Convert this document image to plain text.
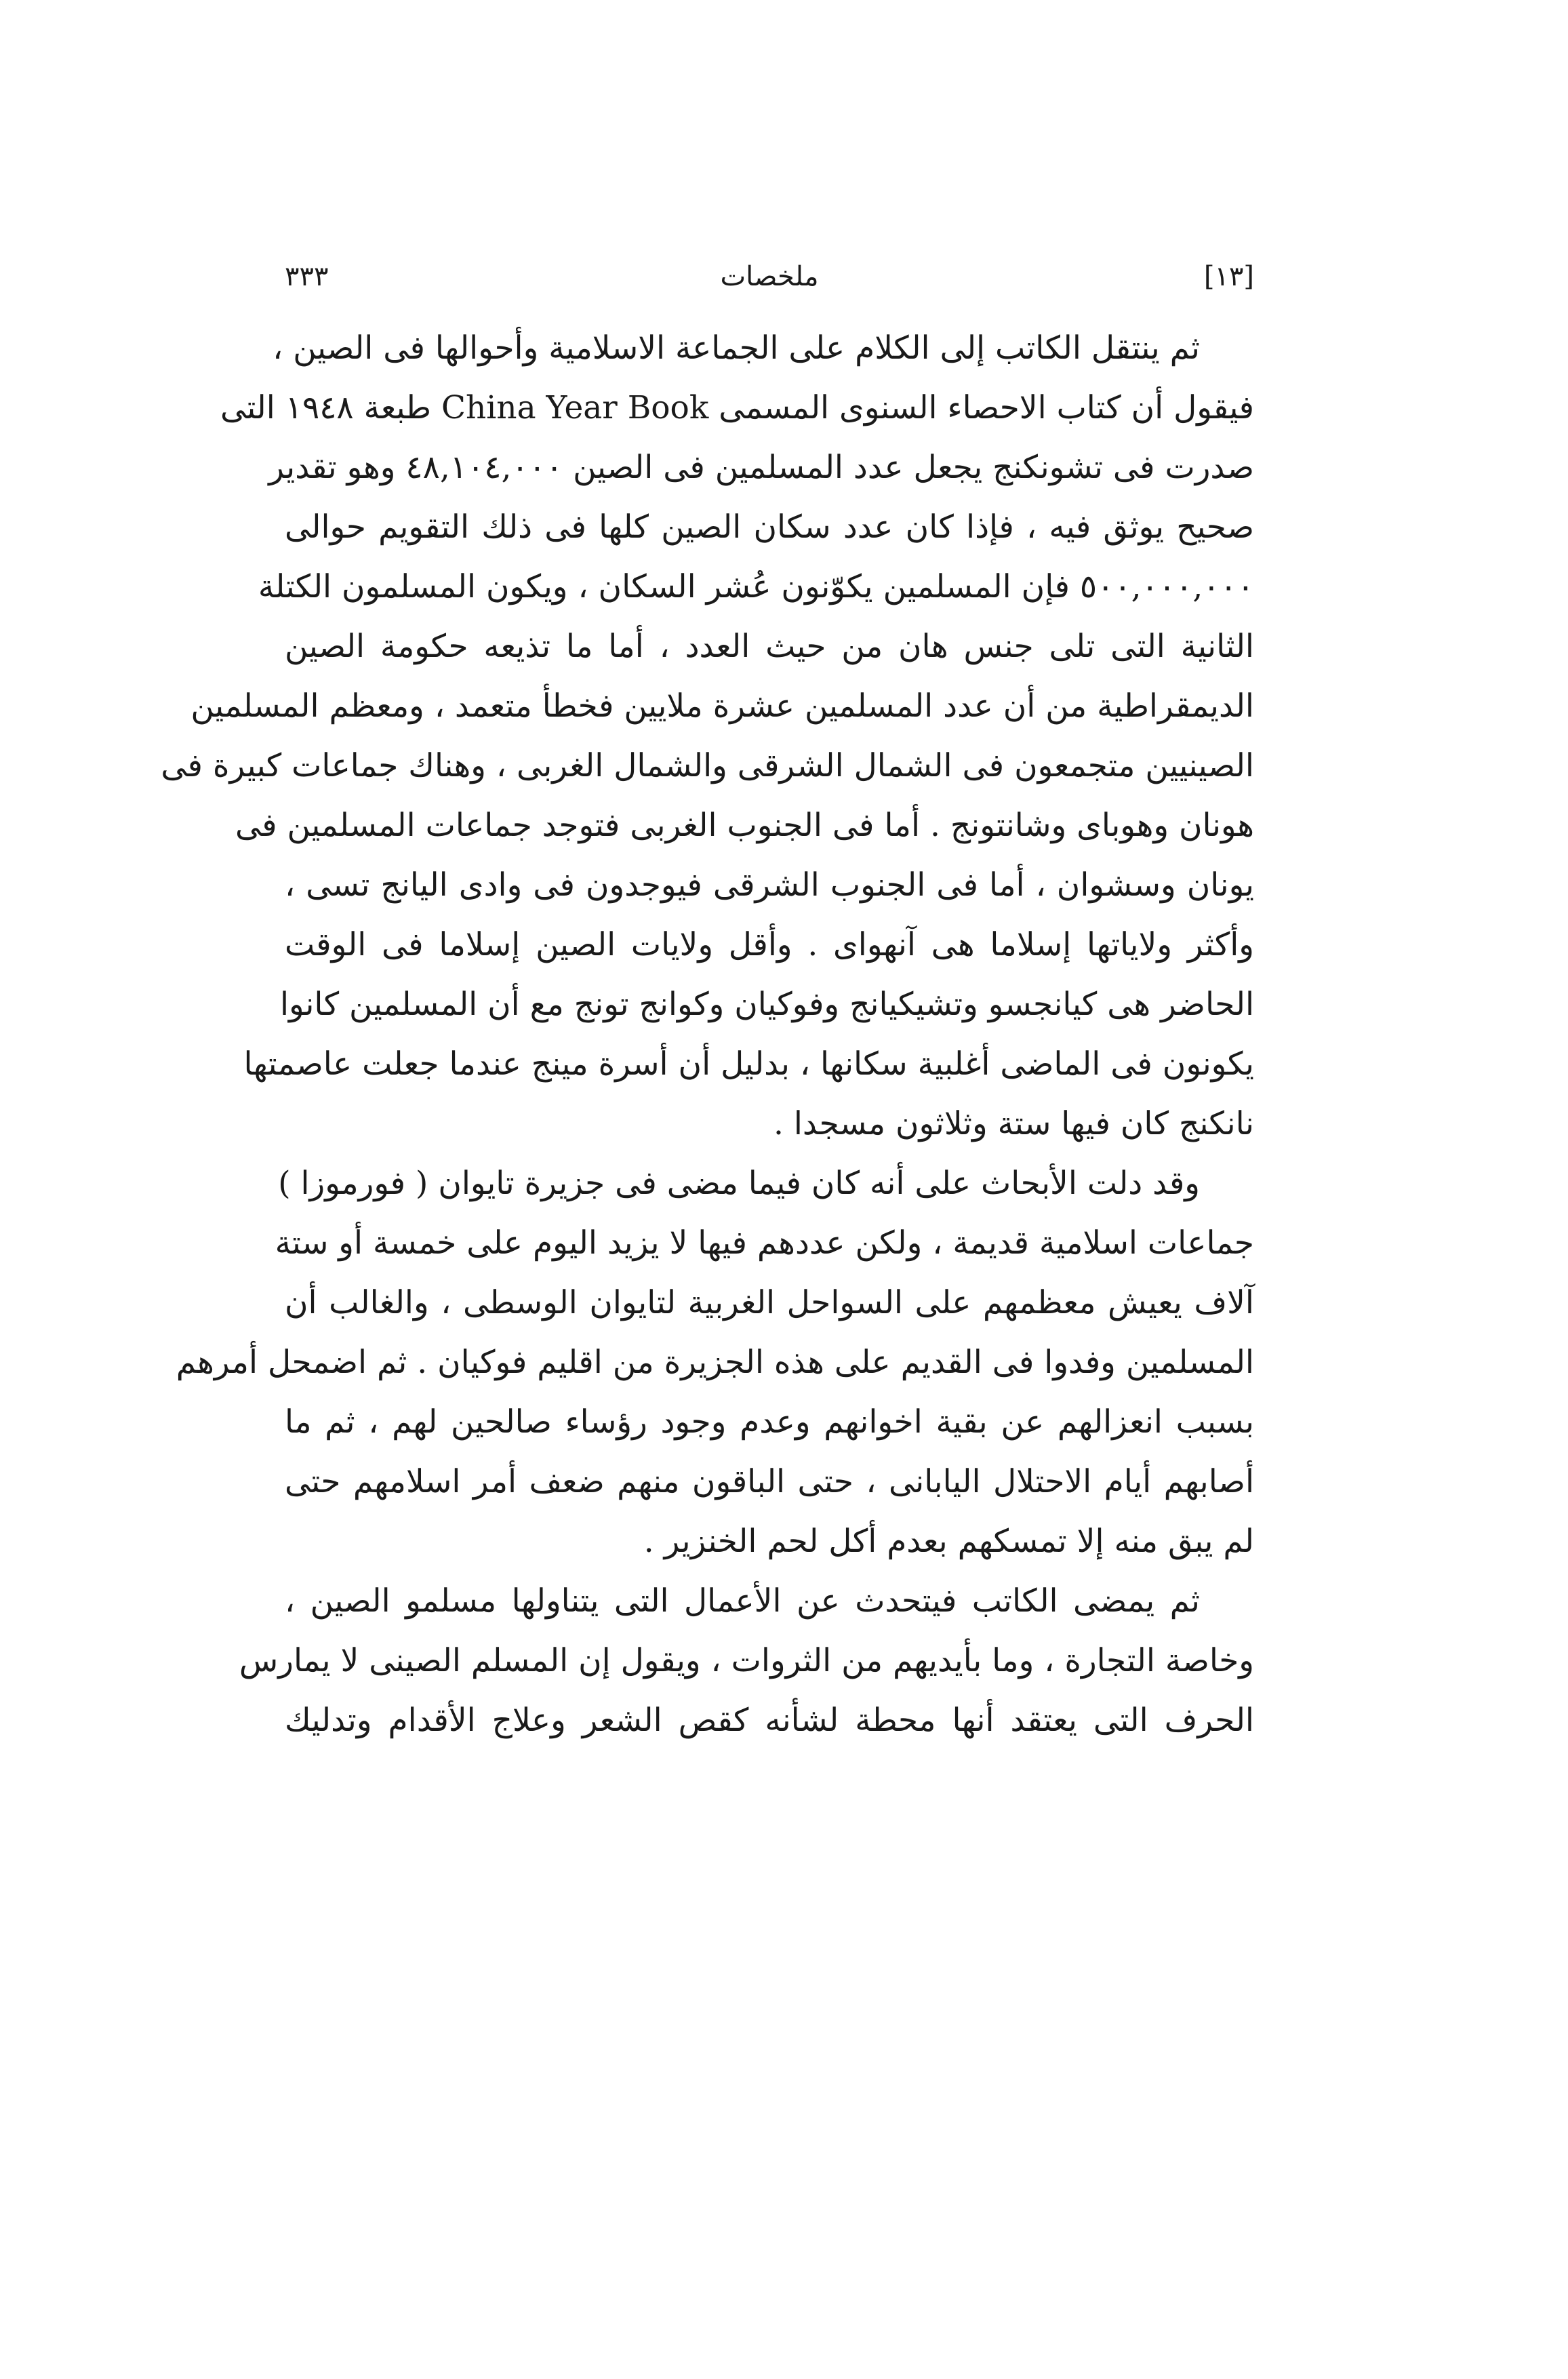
٣٣٣	ملخصات	[١٣]
ثم ينتقل الكاتب إلى الكلام على الجماعة الاسلامية وأحوالها فى الصين ،
فيقول أن كتاب الاحصاء السنوى المسمى China Year Book طبعة ١٩٤٨ التى
صدرت فى تشونكنج يجعل عدد المسلمين فى الصين ٤٨,١٠٤,٠٠٠ وهو تقدير
صحيح يوثق فيه ، فإذا كان عدد سكان الصين كلها فى ذلك التقويم حوالى
٥٠٠,٠٠٠,٠٠٠ فإن المسلمين يكوّنون عُشر السكان ، ويكون المسلمون الكتلة
الثانية التى تلى جنس هان من حيث العدد ، أما ما تذيعه حكومة الصين
الديمقراطية من أن عدد المسلمين عشرة ملايين فخطأ متعمد ، ومعظم المسلمين
الصينيين متجمعون فى الشمال الشرقى والشمال الغربى ، وهناك جماعات كبيرة فى
هونان وهوباى وشانتونج . أما فى الجنوب الغربى فتوجد جماعات المسلمين فى
يونان وسشوان ، أما فى الجنوب الشرقى فيوجدون فى وادى اليانج تسى ،
وأكثر ولاياتها إسلاما هى آنهواى . وأقل ولايات الصين إسلاما فى الوقت
الحاضر هى كيانجسو وتشيكيانج وفوكيان وكوانج تونج مع أن المسلمين كانوا
يكونون فى الماضى أغلبية سكانها ، بدليل أن أسرة مينج عندما جعلت عاصمتها
نانكنج كان فيها ستة وثلاثون مسجدا .
وقد دلت الأبحاث على أنه كان فيما مضى فى جزيرة تايوان ( فورموزا )
جماعات اسلامية قديمة ، ولكن عددهم فيها لا يزيد اليوم على خمسة أو ستة
آلاف يعيش معظمهم على السواحل الغربية لتايوان الوسطى ، والغالب أن
المسلمين وفدوا فى القديم على هذه الجزيرة من اقليم فوكيان . ثم اضمحل أمرهم
بسبب انعزالهم عن بقية اخوانهم وعدم وجود رؤساء صالحين لهم ، ثم ما
أصابهم أيام الاحتلال اليابانى ، حتى الباقون منهم ضعف أمر اسلامهم حتى
لم يبق منه إلا تمسكهم بعدم أكل لحم الخنزير .
ثم يمضى الكاتب فيتحدث عن الأعمال التى يتناولها مسلمو الصين ،
وخاصة التجارة ، وما بأيديهم من الثروات ، ويقول إن المسلم الصينى لا يمارس
الحرف التى يعتقد أنها محطة لشأنه كقص الشعر وعلاج الأقدام وتدليك
